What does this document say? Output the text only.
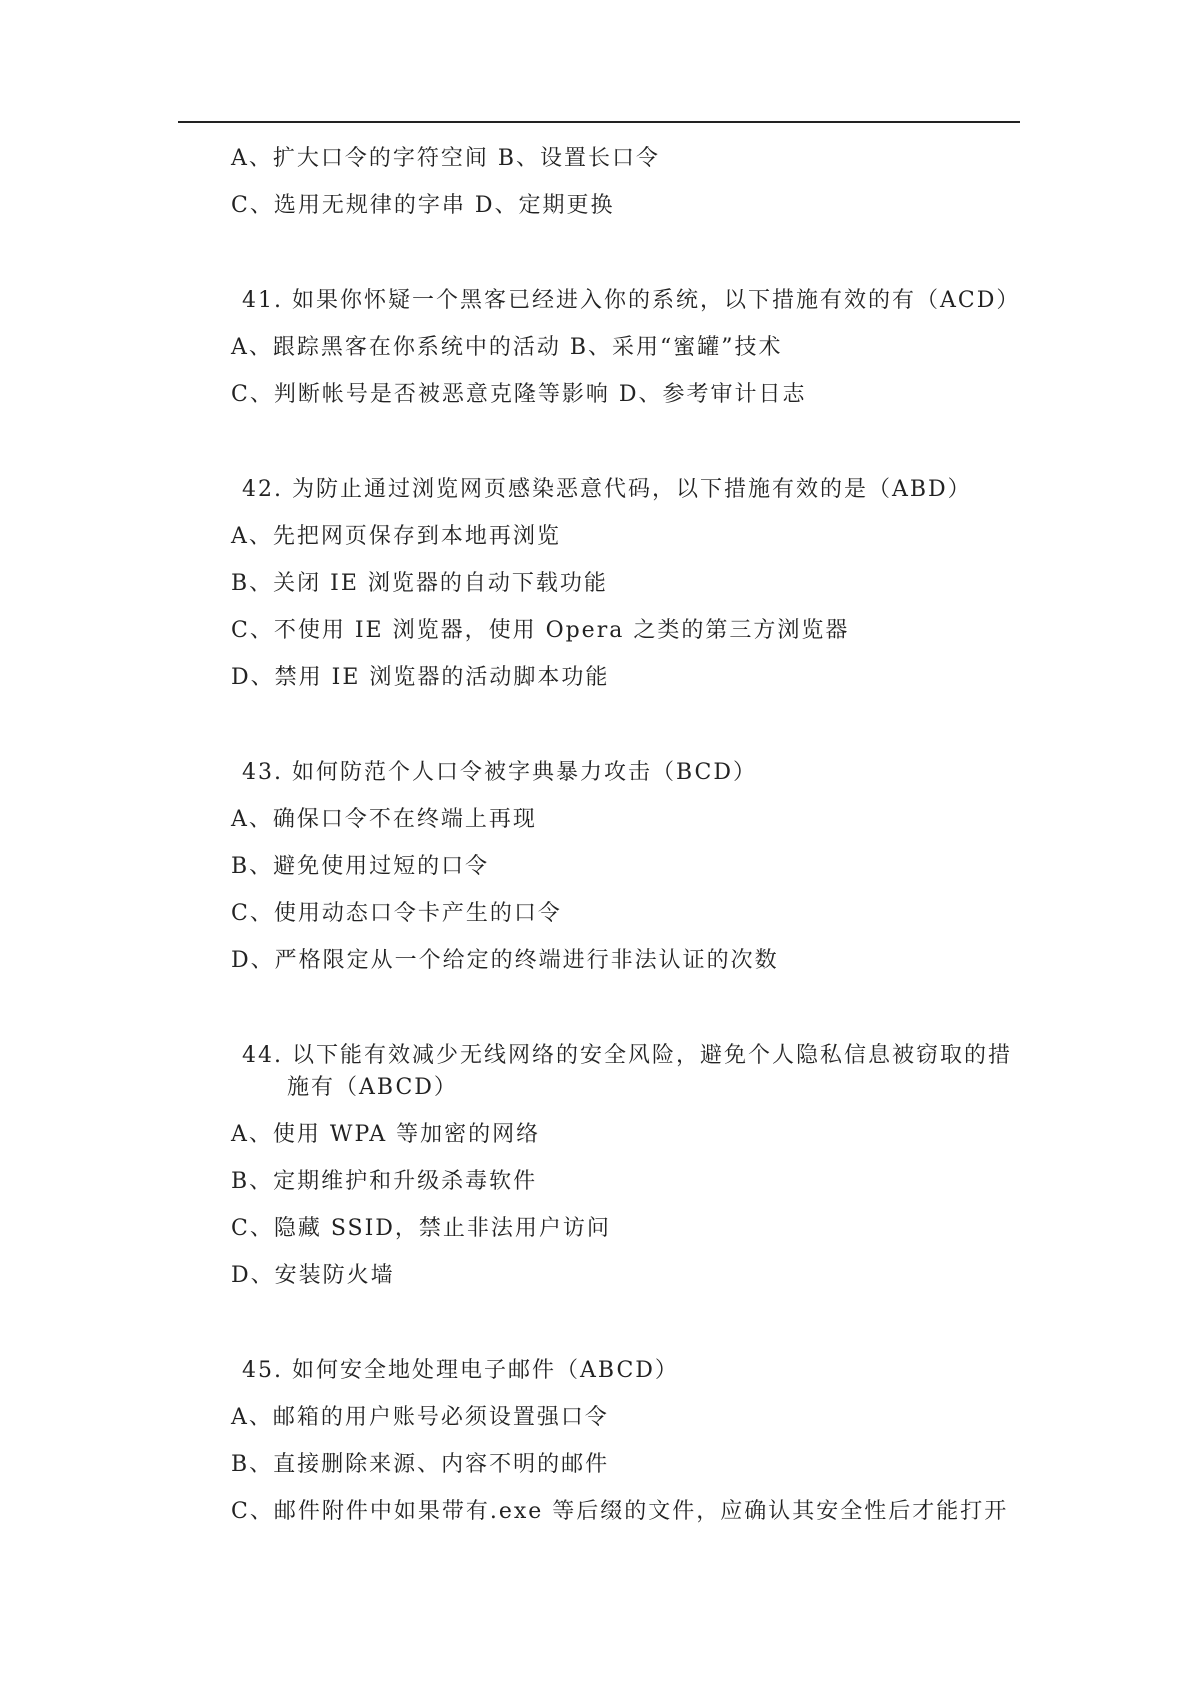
A、扩大口令的字符空间 B、设置长口令
C、选用无规律的字串 D、定期更换
41. 如果你怀疑一个黑客已经进入你的系统，以下措施有效的有（ACD）
A、跟踪黑客在你系统中的活动 B、采用“蜜罐”技术
C、判断帐号是否被恶意克隆等影响 D、参考审计日志
42. 为防止通过浏览网页感染恶意代码，以下措施有效的是（ABD）
A、先把网页保存到本地再浏览
B、关闭 IE 浏览器的自动下载功能
C、不使用 IE 浏览器，使用 Opera 之类的第三方浏览器
D、禁用 IE 浏览器的活动脚本功能
43. 如何防范个人口令被字典暴力攻击（BCD）
A、确保口令不在终端上再现
B、避免使用过短的口令
C、使用动态口令卡产生的口令
D、严格限定从一个给定的终端进行非法认证的次数
44. 以下能有效减少无线网络的安全风险，避免个人隐私信息被窃取的措
施有（ABCD）
A、使用 WPA 等加密的网络
B、定期维护和升级杀毒软件
C、隐藏 SSID，禁止非法用户访问
D、安装防火墙
45. 如何安全地处理电子邮件（ABCD）
A、邮箱的用户账号必须设置强口令
B、直接删除来源、内容不明的邮件
C、邮件附件中如果带有.exe 等后缀的文件，应确认其安全性后才能打开
